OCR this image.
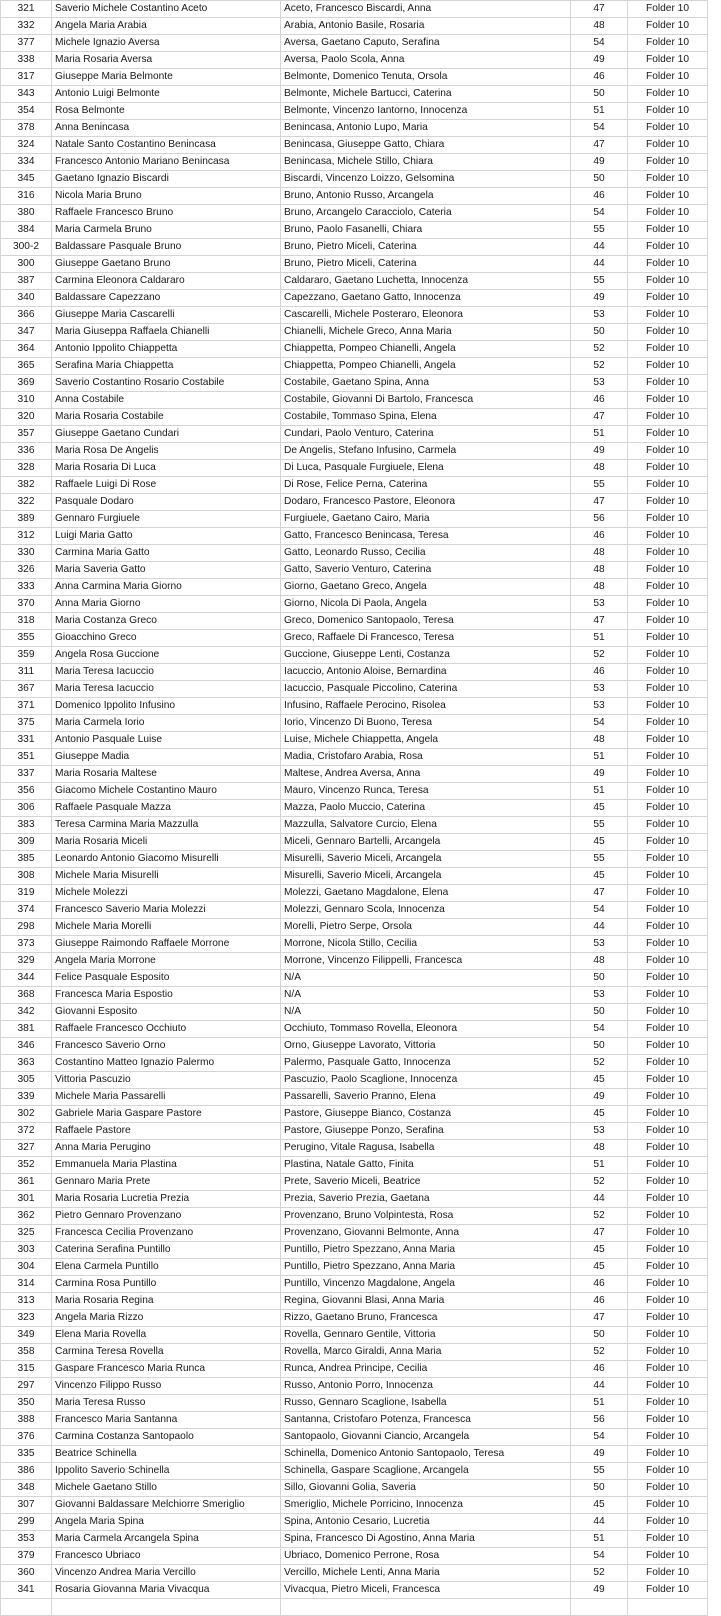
321	Saverio Michele Costantino Aceto	Aceto, Francesco Biscardi, Anna	47	Folder 10
332	Angela Maria Arabia	Arabia, Antonio Basile, Rosaria	48	Folder 10
377	Michele Ignazio Aversa	Aversa, Gaetano Caputo, Serafina	54	Folder 10
338	Maria Rosaria Aversa	Aversa, Paolo Scola, Anna	49	Folder 10
317	Giuseppe Maria Belmonte	Belmonte, Domenico Tenuta, Orsola	46	Folder 10
343	Antonio Luigi Belmonte	Belmonte, Michele Bartucci, Caterina	50	Folder 10
354	Rosa Belmonte	Belmonte, Vincenzo Iantorno, Innocenza	51	Folder 10
378	Anna Benincasa	Benincasa, Antonio Lupo, Maria	54	Folder 10
324	Natale Santo Costantino Benincasa	Benincasa, Giuseppe Gatto, Chiara	47	Folder 10
334	Francesco Antonio Mariano Benincasa	Benincasa, Michele Stillo, Chiara	49	Folder 10
345	Gaetano Ignazio Biscardi	Biscardi, Vincenzo Loizzo, Gelsomina	50	Folder 10
316	Nicola Maria Bruno	Bruno, Antonio Russo, Arcangela	46	Folder 10
380	Raffaele Francesco Bruno	Bruno, Arcangelo Caracciolo, Cateria	54	Folder 10
384	Maria Carmela Bruno	Bruno, Paolo Fasanelli, Chiara	55	Folder 10
300-2	Baldassare Pasquale Bruno	Bruno, Pietro Miceli, Caterina	44	Folder 10
300	Giuseppe Gaetano Bruno	Bruno, Pietro Miceli, Caterina	44	Folder 10
387	Carmina Eleonora Caldararo	Caldararo, Gaetano Luchetta, Innocenza	55	Folder 10
340	Baldassare Capezzano	Capezzano, Gaetano Gatto, Innocenza	49	Folder 10
366	Giuseppe Maria Cascarelli	Cascarelli, Michele Posteraro, Eleonora	53	Folder 10
347	Maria Giuseppa Raffaela Chianelli	Chianelli, Michele Greco, Anna Maria	50	Folder 10
364	Antonio Ippolito Chiappetta	Chiappetta, Pompeo Chianelli, Angela	52	Folder 10
365	Serafina Maria Chiappetta	Chiappetta, Pompeo Chianelli, Angela	52	Folder 10
369	Saverio Costantino Rosario Costabile	Costabile, Gaetano Spina, Anna	53	Folder 10
310	Anna Costabile	Costabile, Giovanni Di Bartolo, Francesca	46	Folder 10
320	Maria Rosaria Costabile	Costabile, Tommaso Spina, Elena	47	Folder 10
357	Giuseppe Gaetano Cundari	Cundari, Paolo Venturo, Caterina	51	Folder 10
336	Maria Rosa De Angelis	De Angelis, Stefano Infusino, Carmela	49	Folder 10
328	Maria Rosaria Di Luca	Di Luca, Pasquale Furgiuele, Elena	48	Folder 10
382	Raffaele Luigi Di Rose	Di Rose, Felice Perna, Caterina	55	Folder 10
322	Pasquale Dodaro	Dodaro, Francesco Pastore, Eleonora	47	Folder 10
389	Gennaro Furgiuele	Furgiuele, Gaetano Cairo, Maria	56	Folder 10
312	Luigi Maria Gatto	Gatto, Francesco Benincasa, Teresa	46	Folder 10
330	Carmina Maria Gatto	Gatto, Leonardo Russo, Cecilia	48	Folder 10
326	Maria Saveria Gatto	Gatto, Saverio Venturo, Caterina	48	Folder 10
333	Anna Carmina Maria Giorno	Giorno, Gaetano Greco, Angela	48	Folder 10
370	Anna Maria Giorno	Giorno, Nicola Di Paola, Angela	53	Folder 10
318	Maria Costanza Greco	Greco, Domenico Santopaolo, Teresa	47	Folder 10
355	Gioacchino Greco	Greco, Raffaele Di Francesco, Teresa	51	Folder 10
359	Angela Rosa Guccione	Guccione, Giuseppe Lenti, Costanza	52	Folder 10
311	Maria Teresa Iacuccio	Iacuccio, Antonio Aloise, Bernardina	46	Folder 10
367	Maria Teresa Iacuccio	Iacuccio, Pasquale Piccolino, Caterina	53	Folder 10
371	Domenico Ippolito Infusino	Infusino, Raffaele Perocino, Risolea	53	Folder 10
375	Maria Carmela Iorio	Iorio, Vincenzo Di Buono, Teresa	54	Folder 10
331	Antonio Pasquale Luise	Luise, Michele Chiappetta, Angela	48	Folder 10
351	Giuseppe Madia	Madia, Cristofaro Arabia, Rosa	51	Folder 10
337	Maria Rosaria Maltese	Maltese, Andrea Aversa, Anna	49	Folder 10
356	Giacomo Michele Costantino Mauro	Mauro, Vincenzo Runca, Teresa	51	Folder 10
306	Raffaele Pasquale Mazza	Mazza, Paolo Muccio, Caterina	45	Folder 10
383	Teresa Carmina Maria Mazzulla	Mazzulla, Salvatore Curcio, Elena	55	Folder 10
309	Maria Rosaria Miceli	Miceli, Gennaro Bartelli, Arcangela	45	Folder 10
385	Leonardo Antonio Giacomo Misurelli	Misurelli, Saverio Miceli, Arcangela	55	Folder 10
308	Michele Maria Misurelli	Misurelli, Saverio Miceli, Arcangela	45	Folder 10
319	Michele Molezzi	Molezzi, Gaetano Magdalone, Elena	47	Folder 10
374	Francesco Saverio Maria Molezzi	Molezzi, Gennaro Scola, Innocenza	54	Folder 10
298	Michele Maria Morelli	Morelli, Pietro Serpe, Orsola	44	Folder 10
373	Giuseppe Raimondo Raffaele Morrone	Morrone, Nicola Stillo, Cecilia	53	Folder 10
329	Angela Maria Morrone	Morrone, Vincenzo Filippelli, Francesca	48	Folder 10
344	Felice Pasquale Esposito	N/A	50	Folder 10
368	Francesca Maria Espostio	N/A	53	Folder 10
342	Giovanni Esposito	N/A	50	Folder 10
381	Raffaele Francesco Occhiuto	Occhiuto, Tommaso Rovella, Eleonora	54	Folder 10
346	Francesco Saverio Orno	Orno, Giuseppe Lavorato, Vittoria	50	Folder 10
363	Costantino Matteo Ignazio Palermo	Palermo, Pasquale Gatto, Innocenza	52	Folder 10
305	Vittoria Pascuzio	Pascuzio, Paolo Scaglione, Innocenza	45	Folder 10
339	Michele Maria Passarelli	Passarelli, Saverio Pranno, Elena	49	Folder 10
302	Gabriele Maria Gaspare Pastore	Pastore, Giuseppe Bianco, Costanza	45	Folder 10
372	Raffaele Pastore	Pastore, Giuseppe Ponzo, Serafina	53	Folder 10
327	Anna Maria Perugino	Perugino, Vitale Ragusa, Isabella	48	Folder 10
352	Emmanuela Maria Plastina	Plastina, Natale Gatto, Finita	51	Folder 10
361	Gennaro Maria Prete	Prete, Saverio Miceli, Beatrice	52	Folder 10
301	Maria Rosaria Lucretia Prezia	Prezia, Saverio Prezia, Gaetana	44	Folder 10
362	Pietro Gennaro Provenzano	Provenzano, Bruno Volpintesta, Rosa	52	Folder 10
325	Francesca Cecilia Provenzano	Provenzano, Giovanni Belmonte, Anna	47	Folder 10
303	Caterina Serafina Puntillo	Puntillo, Pietro Spezzano, Anna Maria	45	Folder 10
304	Elena Carmela Puntillo	Puntillo, Pietro Spezzano, Anna Maria	45	Folder 10
314	Carmina Rosa Puntillo	Puntillo, Vincenzo Magdalone, Angela	46	Folder 10
313	Maria Rosaria Regina	Regina, Giovanni Blasi, Anna Maria	46	Folder 10
323	Angela Maria Rizzo	Rizzo, Gaetano Bruno, Francesca	47	Folder 10
349	Elena Maria Rovella	Rovella, Gennaro Gentile, Vittoria	50	Folder 10
358	Carmina Teresa Rovella	Rovella, Marco Giraldi, Anna Maria	52	Folder 10
315	Gaspare Francesco Maria Runca	Runca, Andrea Principe, Cecilia	46	Folder 10
297	Vincenzo Filippo Russo	Russo, Antonio Porro, Innocenza	44	Folder 10
350	Maria Teresa Russo	Russo, Gennaro Scaglione, Isabella	51	Folder 10
388	Francesco Maria Santanna	Santanna, Cristofaro Potenza, Francesca	56	Folder 10
376	Carmina Costanza Santopaolo	Santopaolo, Giovanni Ciancio, Arcangela	54	Folder 10
335	Beatrice Schinella	Schinella, Domenico Antonio Santopaolo, Teresa	49	Folder 10
386	Ippolito Saverio Schinella	Schinella, Gaspare Scaglione, Arcangela	55	Folder 10
348	Michele Gaetano Stillo	Sillo, Giovanni Golia, Saveria	50	Folder 10
307	Giovanni Baldassare Melchiorre Smeriglio	Smeriglio, Michele Porricino, Innocenza	45	Folder 10
299	Angela Maria Spina	Spina, Antonio Cesario, Lucretia	44	Folder 10
353	Maria Carmela Arcangela Spina	Spina, Francesco Di Agostino, Anna Maria	51	Folder 10
379	Francesco Ubriaco	Ubriaco, Domenico Perrone, Rosa	54	Folder 10
360	Vincenzo Andrea Maria Vercillo	Vercillo, Michele Lenti, Anna Maria	52	Folder 10
341	Rosaria Giovanna Maria Vivacqua	Vivacqua, Pietro Miceli, Francesca	49	Folder 10
